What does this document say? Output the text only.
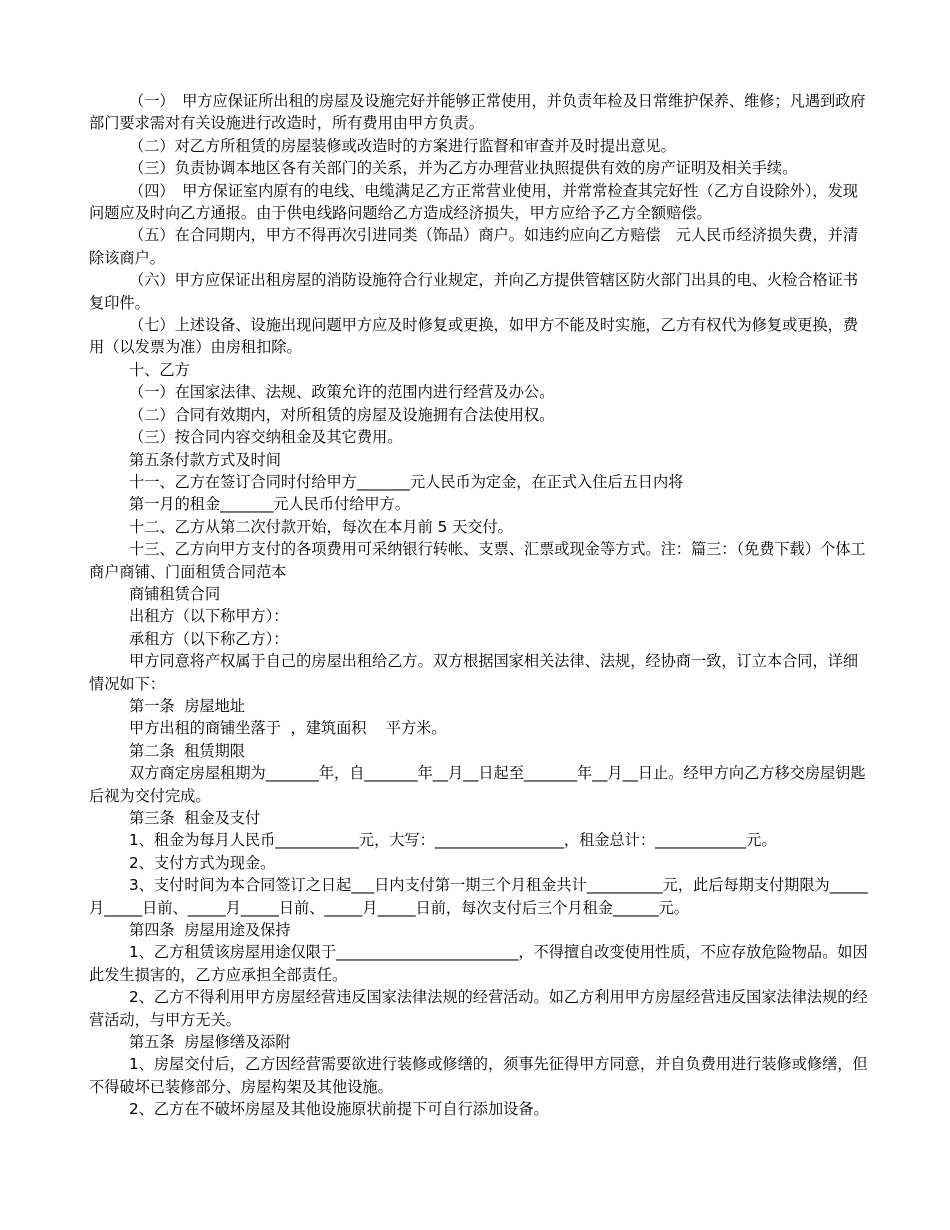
（一）　甲方应保证所出租的房屋及设施完好并能够正常使用，并负责年检及日常维护保养、维修；凡遇到政府部门要求需对有关设施进行改造时，所有费用由甲方负责。

（二）对乙方所租赁的房屋装修或改造时的方案进行监督和审查并及时提出意见。

（三）负责协调本地区各有关部门的关系，并为乙方办理营业执照提供有效的房产证明及相关手续。

（四）　甲方保证室内原有的电线、电缆满足乙方正常营业使用，并常常检查其完好性（乙方自设除外），发现问题应及时向乙方通报。由于供电线路问题给乙方造成经济损失，甲方应给予乙方全额赔偿。

（五）在合同期内，甲方不得再次引进同类（饰品）商户。如违约应向乙方赔偿　元人民币经济损失费，并清除该商户。

（六）甲方应保证出租房屋的消防设施符合行业规定，并向乙方提供管辖区防火部门出具的电、火检合格证书复印件。

（七）上述设备、设施出现问题甲方应及时修复或更换，如甲方不能及时实施，乙方有权代为修复或更换，费用（以发票为准）由房租扣除。

十、乙方

（一）在国家法律、法规、政策允许的范围内进行经营及办公。

（二）合同有效期内，对所租赁的房屋及设施拥有合法使用权。

（三）按合同内容交纳租金及其它费用。

第五条付款方式及时间

十一、乙方在签订合同时付给甲方_______元人民币为定金，在正式入住后五日内将

第一月的租金_______元人民币付给甲方。

十二、乙方从第二次付款开始，每次在本月前 5 天交付。

十三、乙方向甲方支付的各项费用可采纳银行转帐、支票、汇票或现金等方式。注：篇三：（免费下载）个体工商户商铺、门面租赁合同范本

商铺租赁合同

出租方（以下称甲方）：

承租方（以下称乙方）：

甲方同意将产权属于自己的房屋出租给乙方。双方根据国家相关法律、法规，经协商一致，订立本合同，详细情况如下：

第一条  房屋地址

甲方出租的商铺坐落于  ，建筑面积    平方米。

第二条  租赁期限

双方商定房屋租期为_______年，自_______年__月__日起至_______年__月__日止。经甲方向乙方移交房屋钥匙后视为交付完成。

第三条  租金及支付

1、租金为每月人民币___________元，大写：_________________，租金总计：____________元。

2、支付方式为现金。

3、支付时间为本合同签订之日起___日内支付第一期三个月租金共计__________元，此后每期支付期限为_____月_____日前、_____月_____日前、_____月_____日前，每次支付后三个月租金______元。

第四条  房屋用途及保持

1、乙方租赁该房屋用途仅限于________________________，不得擅自改变使用性质，不应存放危险物品。如因此发生损害的，乙方应承担全部责任。

2、乙方不得利用甲方房屋经营违反国家法律法规的经营活动。如乙方利用甲方房屋经营违反国家法律法规的经营活动，与甲方无关。

第五条  房屋修缮及添附

1、房屋交付后，乙方因经营需要欲进行装修或修缮的，须事先征得甲方同意，并自负费用进行装修或修缮，但不得破坏已装修部分、房屋构架及其他设施。

2、乙方在不破坏房屋及其他设施原状前提下可自行添加设备。
